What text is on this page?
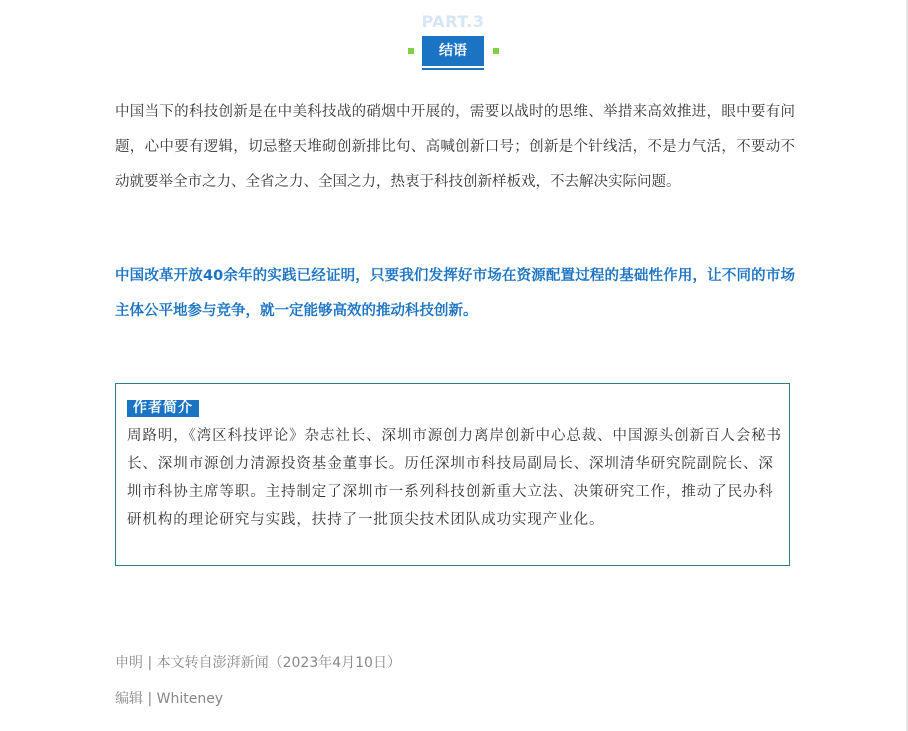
PART.3
结语

中国当下的科技创新是在中美科技战的硝烟中开展的，需要以战时的思维、举措来高效推进，眼中要有问题，心中要有逻辑，切忌整天堆砌创新排比句、高喊创新口号；创新是个针线活，不是力气活，不要动不动就要举全市之力、全省之力、全国之力，热衷于科技创新样板戏，不去解决实际问题。

中国改革开放40余年的实践已经证明，只要我们发挥好市场在资源配置过程的基础性作用，让不同的市场主体公平地参与竞争，就一定能够高效的推动科技创新。

作者简介

周路明，《湾区科技评论》杂志社长、深圳市源创力离岸创新中心总裁、中国源头创新百人会秘书长、深圳市源创力清源投资基金董事长。历任深圳市科技局副局长、深圳清华研究院副院长、深圳市科协主席等职。主持制定了深圳市一系列科技创新重大立法、决策研究工作，推动了民办科研机构的理论研究与实践，扶持了一批顶尖技术团队成功实现产业化。

申明 | 本文转自澎湃新闻（2023年4月10日）
编辑 | Whiteney
